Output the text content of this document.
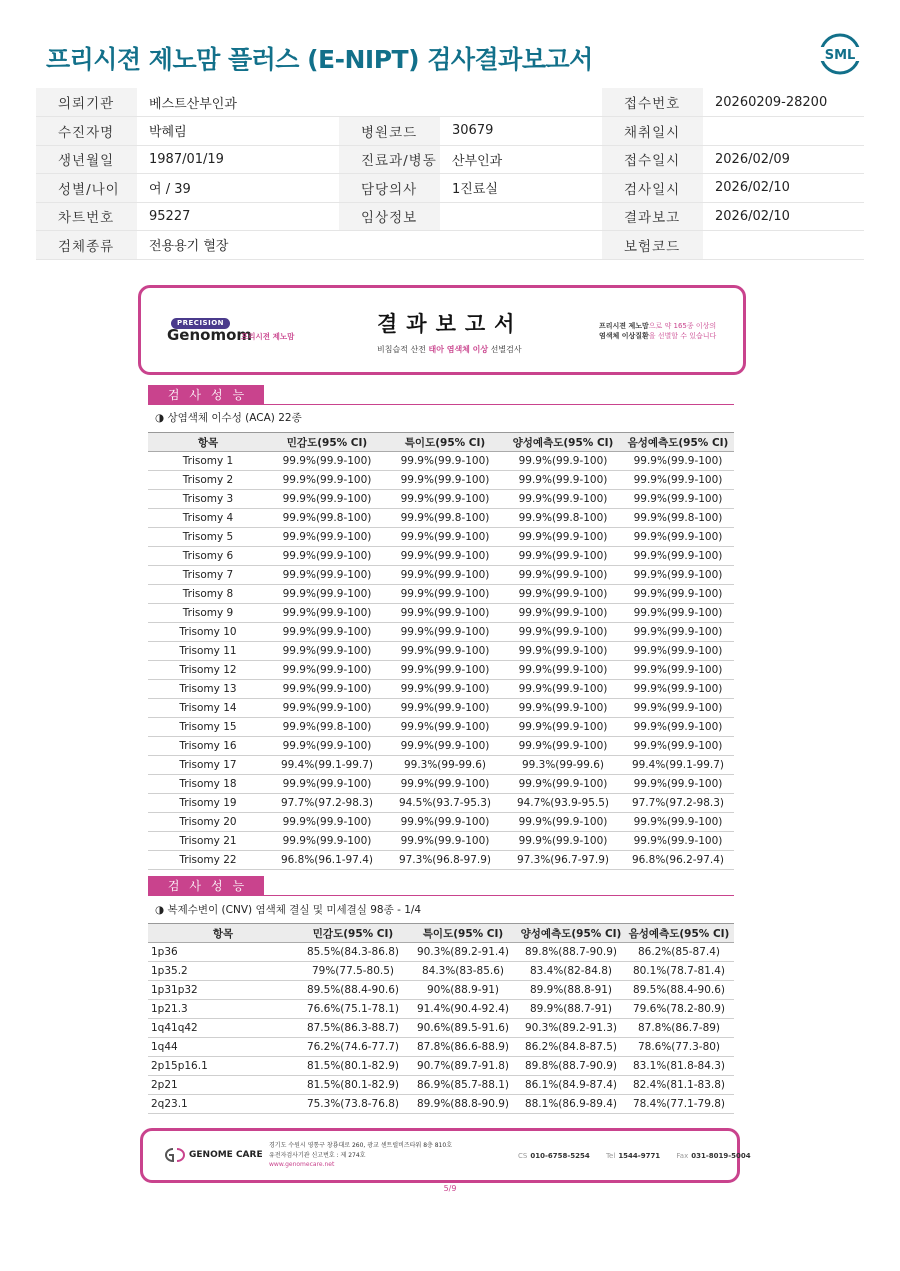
프리시젼 제노맘 플러스 (E-NIPT) 검사결과보고서	SML
의뢰기관	베스트산부인과			접수번호	20260209-28200
수진자명	박혜림	병원코드	30679	채취일시	
생년월일	1987/01/19	진료과/병동	산부인과	접수일시	2026/02/09
성별/나이	여 / 39	담당의사	1진료실	검사일시	2026/02/10
차트번호	95227	임상정보		결과보고	2026/02/10
검체종류	전용용기 혈장			보험코드	
PRECISION
Genomom
프리시젼 제노맘
결과보고서
비침습적 산전 태아 염색체 이상 선별검사
프리시젼 제노맘으로 약 165종 이상의
염색체 이상질환을 선별할 수 있습니다
검사성능
◑ 상염색체 이수성 (ACA) 22종
항목	민감도(95% CI)	특이도(95% CI)	양성예측도(95% CI)	음성예측도(95% CI)
Trisomy 1	99.9%(99.9-100)	99.9%(99.9-100)	99.9%(99.9-100)	99.9%(99.9-100)
Trisomy 2	99.9%(99.9-100)	99.9%(99.9-100)	99.9%(99.9-100)	99.9%(99.9-100)
Trisomy 3	99.9%(99.9-100)	99.9%(99.9-100)	99.9%(99.9-100)	99.9%(99.9-100)
Trisomy 4	99.9%(99.8-100)	99.9%(99.8-100)	99.9%(99.8-100)	99.9%(99.8-100)
Trisomy 5	99.9%(99.9-100)	99.9%(99.9-100)	99.9%(99.9-100)	99.9%(99.9-100)
Trisomy 6	99.9%(99.9-100)	99.9%(99.9-100)	99.9%(99.9-100)	99.9%(99.9-100)
Trisomy 7	99.9%(99.9-100)	99.9%(99.9-100)	99.9%(99.9-100)	99.9%(99.9-100)
Trisomy 8	99.9%(99.9-100)	99.9%(99.9-100)	99.9%(99.9-100)	99.9%(99.9-100)
Trisomy 9	99.9%(99.9-100)	99.9%(99.9-100)	99.9%(99.9-100)	99.9%(99.9-100)
Trisomy 10	99.9%(99.9-100)	99.9%(99.9-100)	99.9%(99.9-100)	99.9%(99.9-100)
Trisomy 11	99.9%(99.9-100)	99.9%(99.9-100)	99.9%(99.9-100)	99.9%(99.9-100)
Trisomy 12	99.9%(99.9-100)	99.9%(99.9-100)	99.9%(99.9-100)	99.9%(99.9-100)
Trisomy 13	99.9%(99.9-100)	99.9%(99.9-100)	99.9%(99.9-100)	99.9%(99.9-100)
Trisomy 14	99.9%(99.9-100)	99.9%(99.9-100)	99.9%(99.9-100)	99.9%(99.9-100)
Trisomy 15	99.9%(99.8-100)	99.9%(99.9-100)	99.9%(99.9-100)	99.9%(99.9-100)
Trisomy 16	99.9%(99.9-100)	99.9%(99.9-100)	99.9%(99.9-100)	99.9%(99.9-100)
Trisomy 17	99.4%(99.1-99.7)	99.3%(99-99.6)	99.3%(99-99.6)	99.4%(99.1-99.7)
Trisomy 18	99.9%(99.9-100)	99.9%(99.9-100)	99.9%(99.9-100)	99.9%(99.9-100)
Trisomy 19	97.7%(97.2-98.3)	94.5%(93.7-95.3)	94.7%(93.9-95.5)	97.7%(97.2-98.3)
Trisomy 20	99.9%(99.9-100)	99.9%(99.9-100)	99.9%(99.9-100)	99.9%(99.9-100)
Trisomy 21	99.9%(99.9-100)	99.9%(99.9-100)	99.9%(99.9-100)	99.9%(99.9-100)
Trisomy 22	96.8%(96.1-97.4)	97.3%(96.8-97.9)	97.3%(96.7-97.9)	96.8%(96.2-97.4)
검사성능
◑ 복제수변이 (CNV) 염색체 결실 및 미세결실 98종 - 1/4
항목	민감도(95% CI)	특이도(95% CI)	양성예측도(95% CI)	음성예측도(95% CI)
1p36	85.5%(84.3-86.8)	90.3%(89.2-91.4)	89.8%(88.7-90.9)	86.2%(85-87.4)
1p35.2	79%(77.5-80.5)	84.3%(83-85.6)	83.4%(82-84.8)	80.1%(78.7-81.4)
1p31p32	89.5%(88.4-90.6)	90%(88.9-91)	89.9%(88.8-91)	89.5%(88.4-90.6)
1p21.3	76.6%(75.1-78.1)	91.4%(90.4-92.4)	89.9%(88.7-91)	79.6%(78.2-80.9)
1q41q42	87.5%(86.3-88.7)	90.6%(89.5-91.6)	90.3%(89.2-91.3)	87.8%(86.7-89)
1q44	76.2%(74.6-77.7)	87.8%(86.6-88.9)	86.2%(84.8-87.5)	78.6%(77.3-80)
2p15p16.1	81.5%(80.1-82.9)	90.7%(89.7-91.8)	89.8%(88.7-90.9)	83.1%(81.8-84.3)
2p21	81.5%(80.1-82.9)	86.9%(85.7-88.1)	86.1%(84.9-87.4)	82.4%(81.1-83.8)
2q23.1	75.3%(73.8-76.8)	89.9%(88.8-90.9)	88.1%(86.9-89.4)	78.4%(77.1-79.8)
GENOME CARE
경기도 수원시 영통구 창룡대로 260, 광교 센트럴비즈타워 8층 810호
유전자검사기관 신고번호 : 제 274호
www.genomecare.net
CS 010-6758-5254 Tel 1544-9771 Fax 031-8019-5004
5/9
